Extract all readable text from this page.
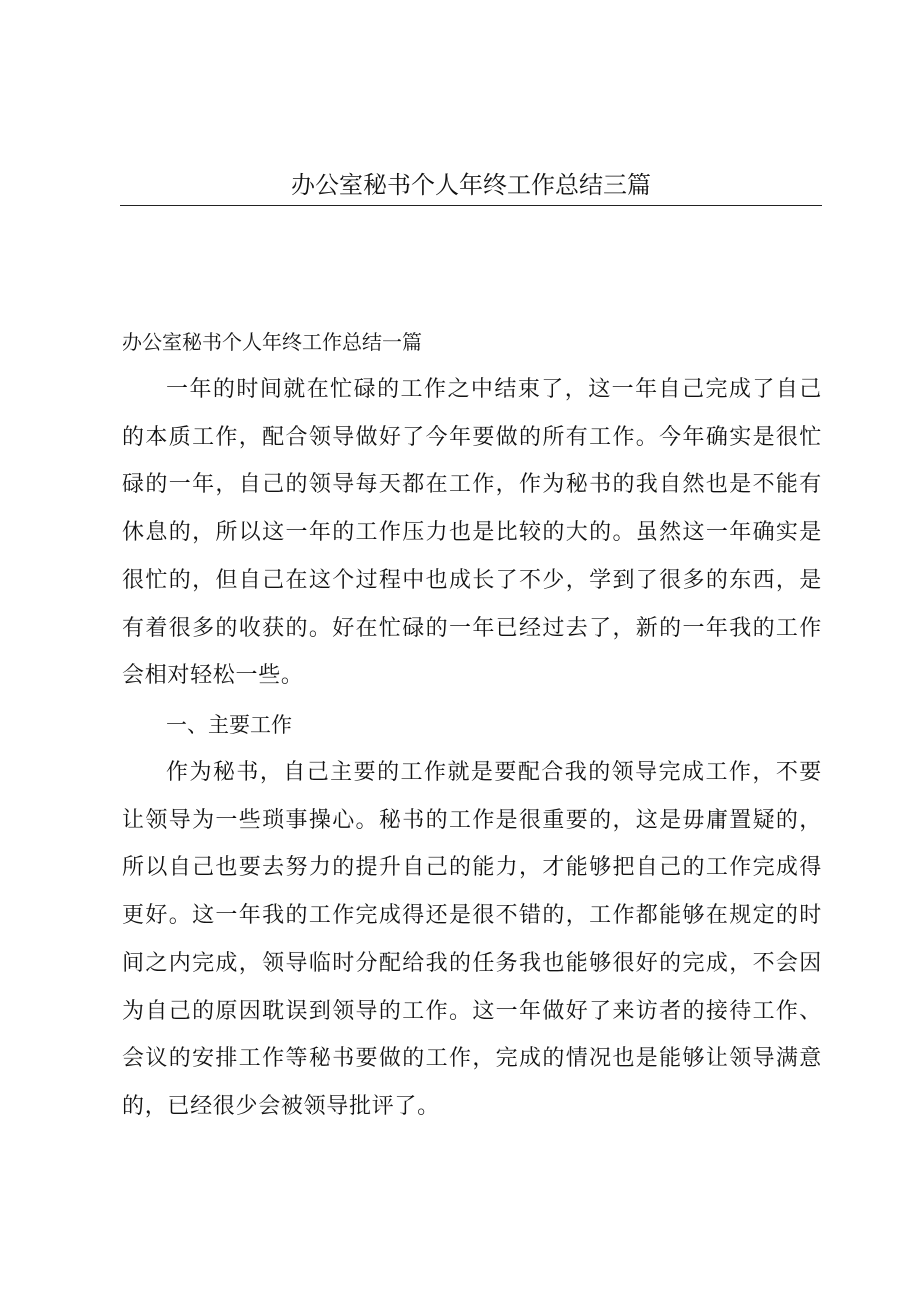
办公室秘书个人年终工作总结三篇
办公室秘书个人年终工作总结一篇

一年的时间就在忙碌的工作之中结束了，这一年自己完成了自己的本质工作，配合领导做好了今年要做的所有工作。今年确实是很忙碌的一年，自己的领导每天都在工作，作为秘书的我自然也是不能有休息的，所以这一年的工作压力也是比较的大的。虽然这一年确实是很忙的，但自己在这个过程中也成长了不少，学到了很多的东西，是有着很多的收获的。好在忙碌的一年已经过去了，新的一年我的工作会相对轻松一些。

一、主要工作

作为秘书，自己主要的工作就是要配合我的领导完成工作，不要让领导为一些琐事操心。秘书的工作是很重要的，这是毋庸置疑的，所以自己也要去努力的提升自己的能力，才能够把自己的工作完成得更好。这一年我的工作完成得还是很不错的，工作都能够在规定的时间之内完成，领导临时分配给我的任务我也能够很好的完成，不会因为自己的原因耽误到领导的工作。这一年做好了来访者的接待工作、会议的安排工作等秘书要做的工作，完成的情况也是能够让领导满意的，已经很少会被领导批评了。
